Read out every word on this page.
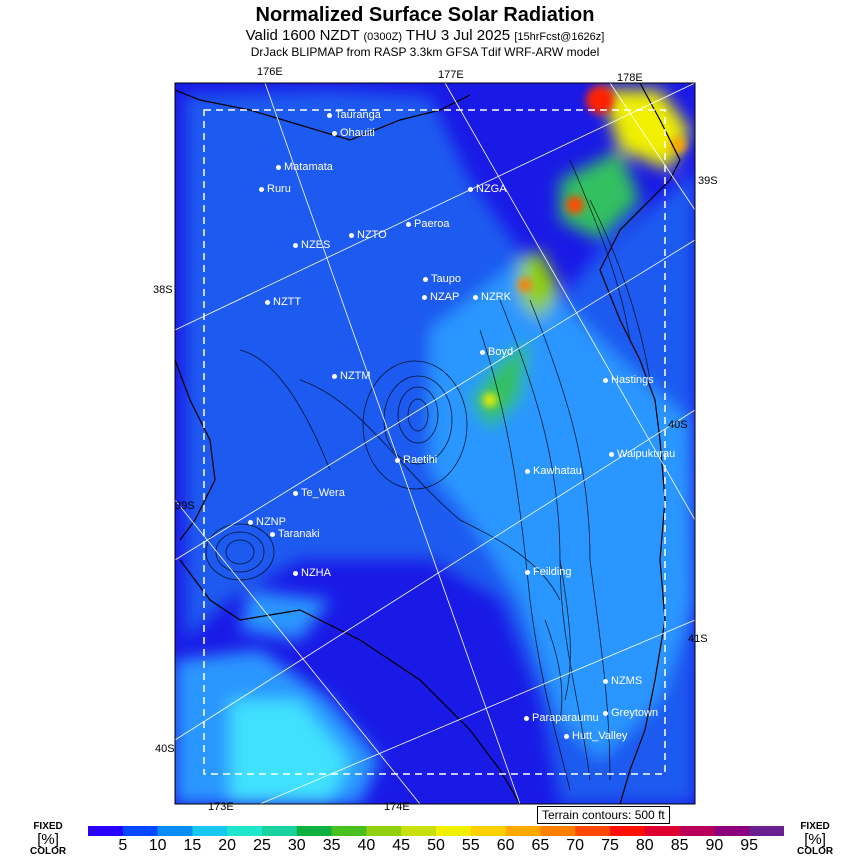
Normalized Surface Solar Radiation
Valid 1600 NZDT (0300Z) THU 3 Jul 2025 [15hrFcst@1626z]
DrJack BLIPMAP from RASP 3.3km GFSA Tdif WRF-ARW model
176E	177E	178E
173E	174E
39S
38S
40S
39S
41S
40S
Tauranga
Ohauiti
Matamata
Ruru	NZGA
Paeroa
NZES
NZTO
Taupo
NZTT	NZAP	NZRK
Boyd
NZTM	Hastings
Raetihi	Waipukurau
Kawhatau
Te_Wera
NZNP
Taranaki
NZHA	Feilding
NZMS
Greytown
Paraparaumu
Hutt_Valley
Terrain contours: 500 ft
FIXED
[%]
COLOR
FIXED
[%]
COLOR
5	10	15	20	25	30	35	40	45	50	55	60	65	70	75	80	85	90	95
